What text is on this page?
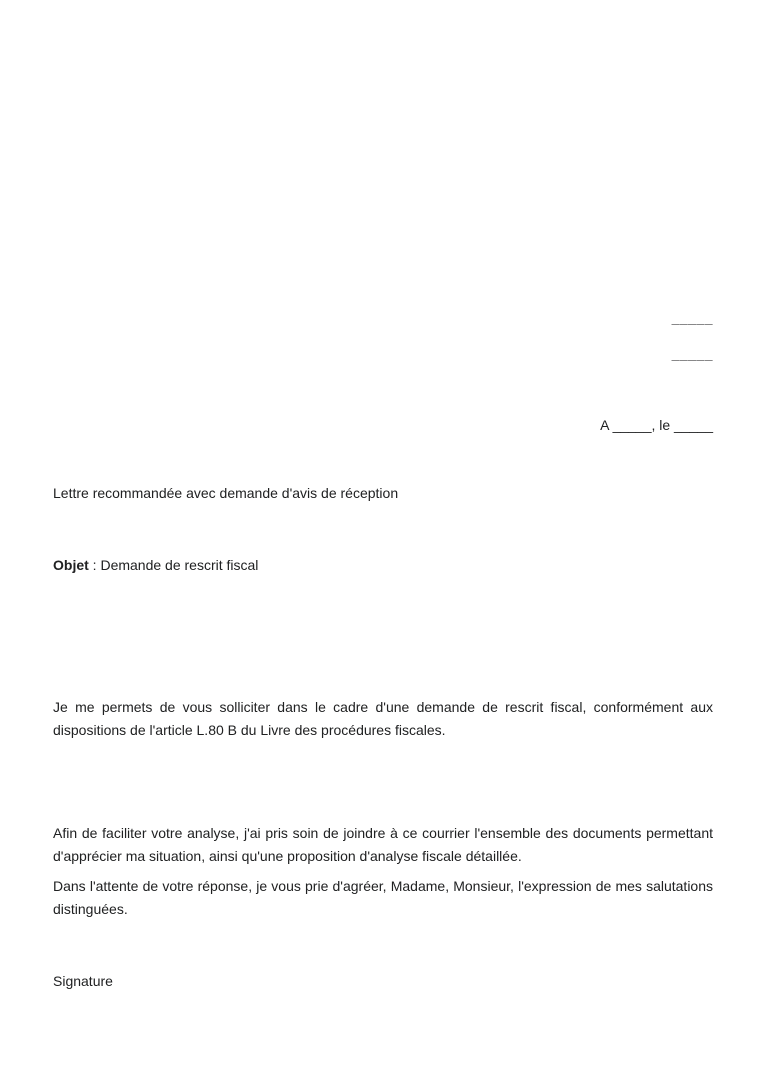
_____
_____
A _____, le _____
Lettre recommandée avec demande d'avis de réception
Objet : Demande de rescrit fiscal
Je me permets de vous solliciter dans le cadre d'une demande de rescrit fiscal, conformément aux dispositions de l'article L.80 B du Livre des procédures fiscales.
Afin de faciliter votre analyse, j'ai pris soin de joindre à ce courrier l'ensemble des documents permettant d'apprécier ma situation, ainsi qu'une proposition d'analyse fiscale détaillée.
Dans l'attente de votre réponse, je vous prie d'agréer, Madame, Monsieur, l'expression de mes salutations distinguées.
Signature
